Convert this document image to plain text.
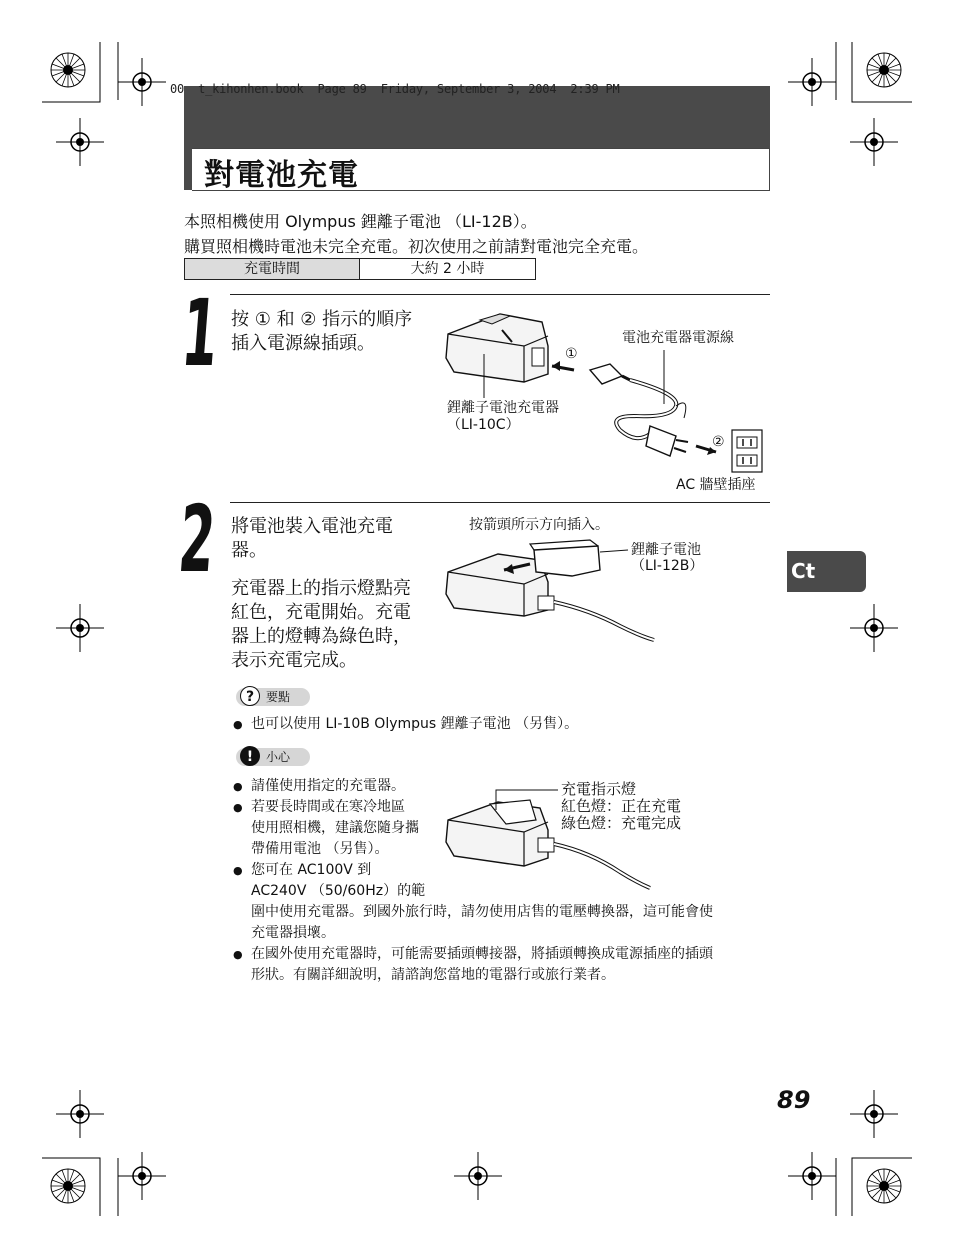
00  t_kihonhen.book  Page 89  Friday, September 3, 2004  2:39 PM
對電池充電
本照相機使用 Olympus 鋰離子電池 （LI-12B）。
購買照相機時電池未完全充電。初次使用之前請對電池完全充電。
充電時間	大約 2 小時
1 按 ① 和 ② 指示的順序
插入電源線插頭。	電池充電器電源線
①
鋰離子電池充電器
（LI-10C）
②
AC 牆壁插座
2 將電池裝入電池充電
器。
充電器上的指示燈點亮
紅色，充電開始。充電
器上的燈轉為綠色時，
表示充電完成。
按箭頭所示方向插入。
鋰離子電池
（LI-12B）	Ct
? 要點
● 也可以使用 LI-10B Olympus 鋰離子電池 （另售）。
!	小心
● 請僅使用指定的充電器。
● 若要長時間或在寒冷地區
使用照相機，建議您隨身攜
帶備用電池 （另售）。
● 您可在 AC100V 到
AC240V （50/60Hz）的範
圍中使用充電器。到國外旅行時，請勿使用店售的電壓轉換器，這可能會使
充電器損壞。
● 在國外使用充電器時，可能需要插頭轉接器，將插頭轉換成電源插座的插頭
形狀。有關詳細說明，請諮詢您當地的電器行或旅行業者。
充電指示燈
紅色燈：正在充電
綠色燈：充電完成
89
